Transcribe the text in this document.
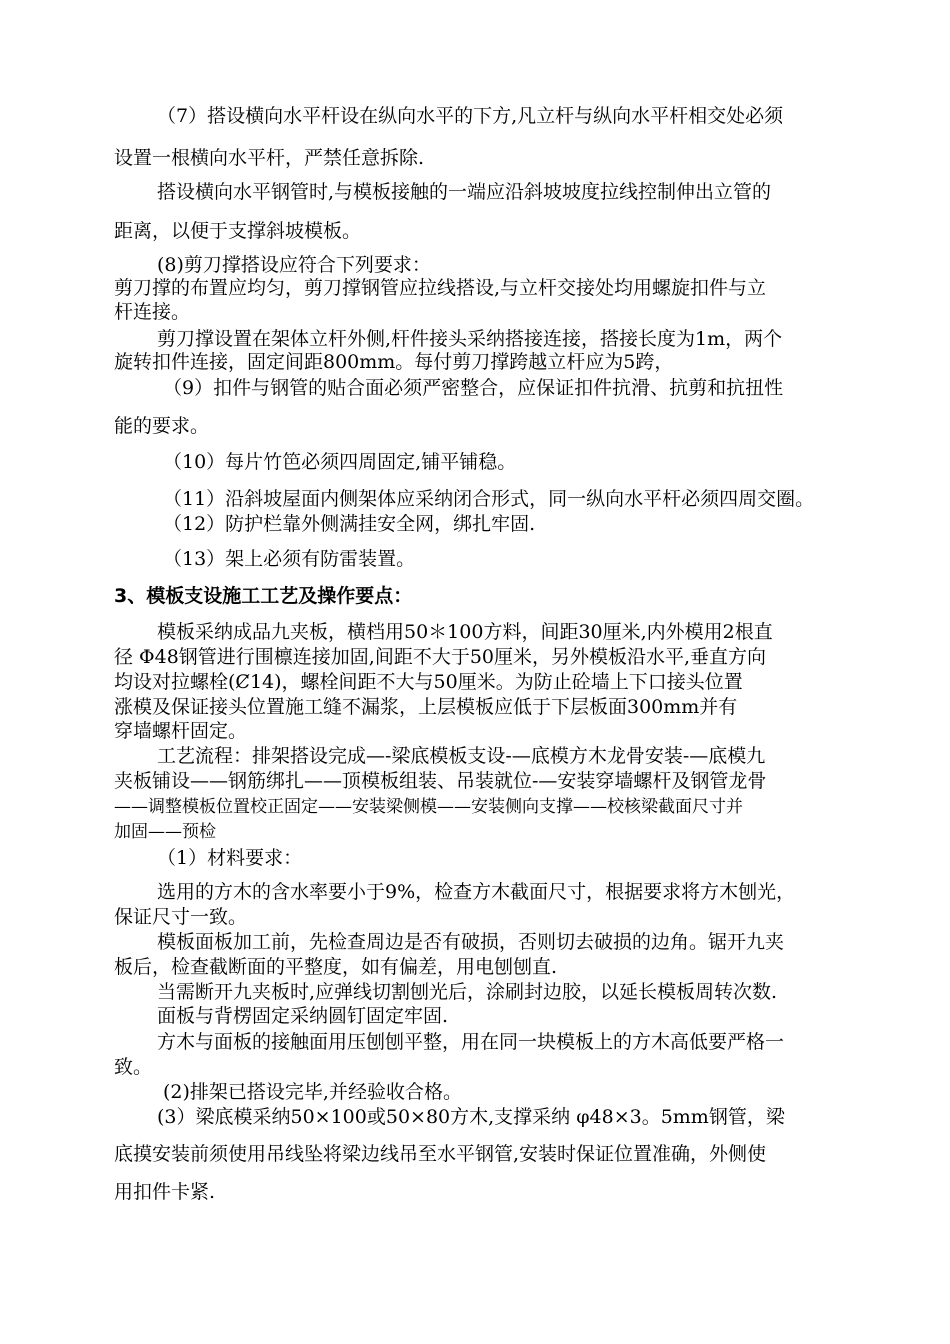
（7）搭设横向水平杆设在纵向水平的下方,凡立杆与纵向水平杆相交处必须
设置一根横向水平杆，严禁任意拆除.
搭设横向水平钢管时,与模板接触的一端应沿斜坡坡度拉线控制伸出立管的
距离，以便于支撑斜坡模板。
(8)剪刀撑搭设应符合下列要求：
剪刀撑的布置应均匀，剪刀撑钢管应拉线搭设,与立杆交接处均用螺旋扣件与立
杆连接。
剪刀撑设置在架体立杆外侧,杆件接头采纳搭接连接，搭接长度为1m，两个
旋转扣件连接，固定间距800mm。每付剪刀撑跨越立杆应为5跨，
（9）扣件与钢管的贴合面必须严密整合，应保证扣件抗滑、抗剪和抗扭性
能的要求。
（10）每片竹笆必须四周固定,铺平铺稳。
（11）沿斜坡屋面内侧架体应采纳闭合形式，同一纵向水平杆必须四周交圈。
（12）防护栏靠外侧满挂安全网，绑扎牢固.
（13）架上必须有防雷装置。
3、模板支设施工工艺及操作要点：
模板采纳成品九夹板，横档用50＊100方料，间距30厘米,内外模用2根直
径 Φ48钢管进行围檩连接加固,间距不大于50厘米，另外模板沿水平,垂直方向
均设对拉螺栓(Ȼ14)，螺栓间距不大与50厘米。为防止砼墙上下口接头位置
涨模及保证接头位置施工缝不漏浆，上层模板应低于下层板面300mm并有
穿墙螺杆固定。
工艺流程：排架搭设完成—-梁底模板支设-—底模方木龙骨安装-—底模九
夹板铺设——钢筋绑扎——顶模板组装、吊装就位-—安装穿墙螺杆及钢管龙骨
——调整模板位置校正固定——安装梁侧模——安装侧向支撑——校核梁截面尺寸并
加固——预检
（1）材料要求：
选用的方木的含水率要小于9%，检查方木截面尺寸，根据要求将方木刨光，
保证尺寸一致。
模板面板加工前，先检查周边是否有破损，否则切去破损的边角。锯开九夹
板后，检查截断面的平整度，如有偏差，用电刨刨直.
当需断开九夹板时,应弹线切割刨光后，涂刷封边胶，以延长模板周转次数.
面板与背楞固定采纳圆钉固定牢固.
方木与面板的接触面用压刨刨平整，用在同一块模板上的方木高低要严格一
致。
(2)排架已搭设完毕,并经验收合格。
(3）梁底模采纳50×100或50×80方木,支撑采纳 φ48×3。5mm钢管，梁
底摸安装前须使用吊线坠将梁边线吊至水平钢管,安装时保证位置准确，外侧使
用扣件卡紧.
